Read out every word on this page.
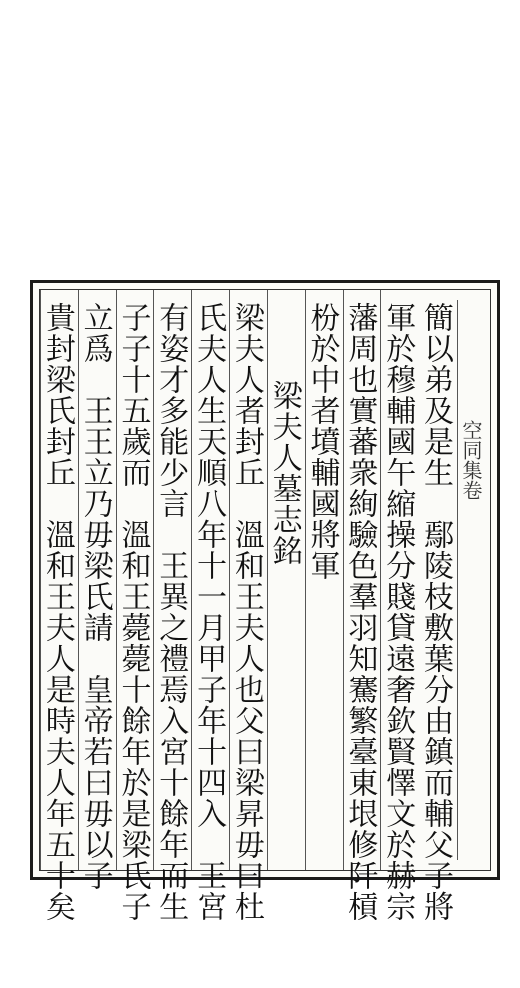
簡以弟及是生　鄢陵枝敷葉分由鎮而輔父子將
軍於穆輔國午縮操分賤貸遠奢欽賢懌文於赫宗
藩周也實蕃衆絢驗色羣羽知騫繁臺東垠修阡槓
枌於中者墳輔國將軍
梁夫人墓志銘
梁夫人者封丘　溫和王夫人也父曰梁昇毋曰杜
氏夫人生天順八年十一月甲子年十四入　王宮
有姿才多能少言　王異之禮焉入宮十餘年而生
子子十五歲而　溫和王薨薨十餘年於是梁氏子
立爲　王王立乃毋梁氏請　皇帝若曰毋以子
貴封梁氏封丘　溫和王夫人是時夫人年五十矣	空同集卷
